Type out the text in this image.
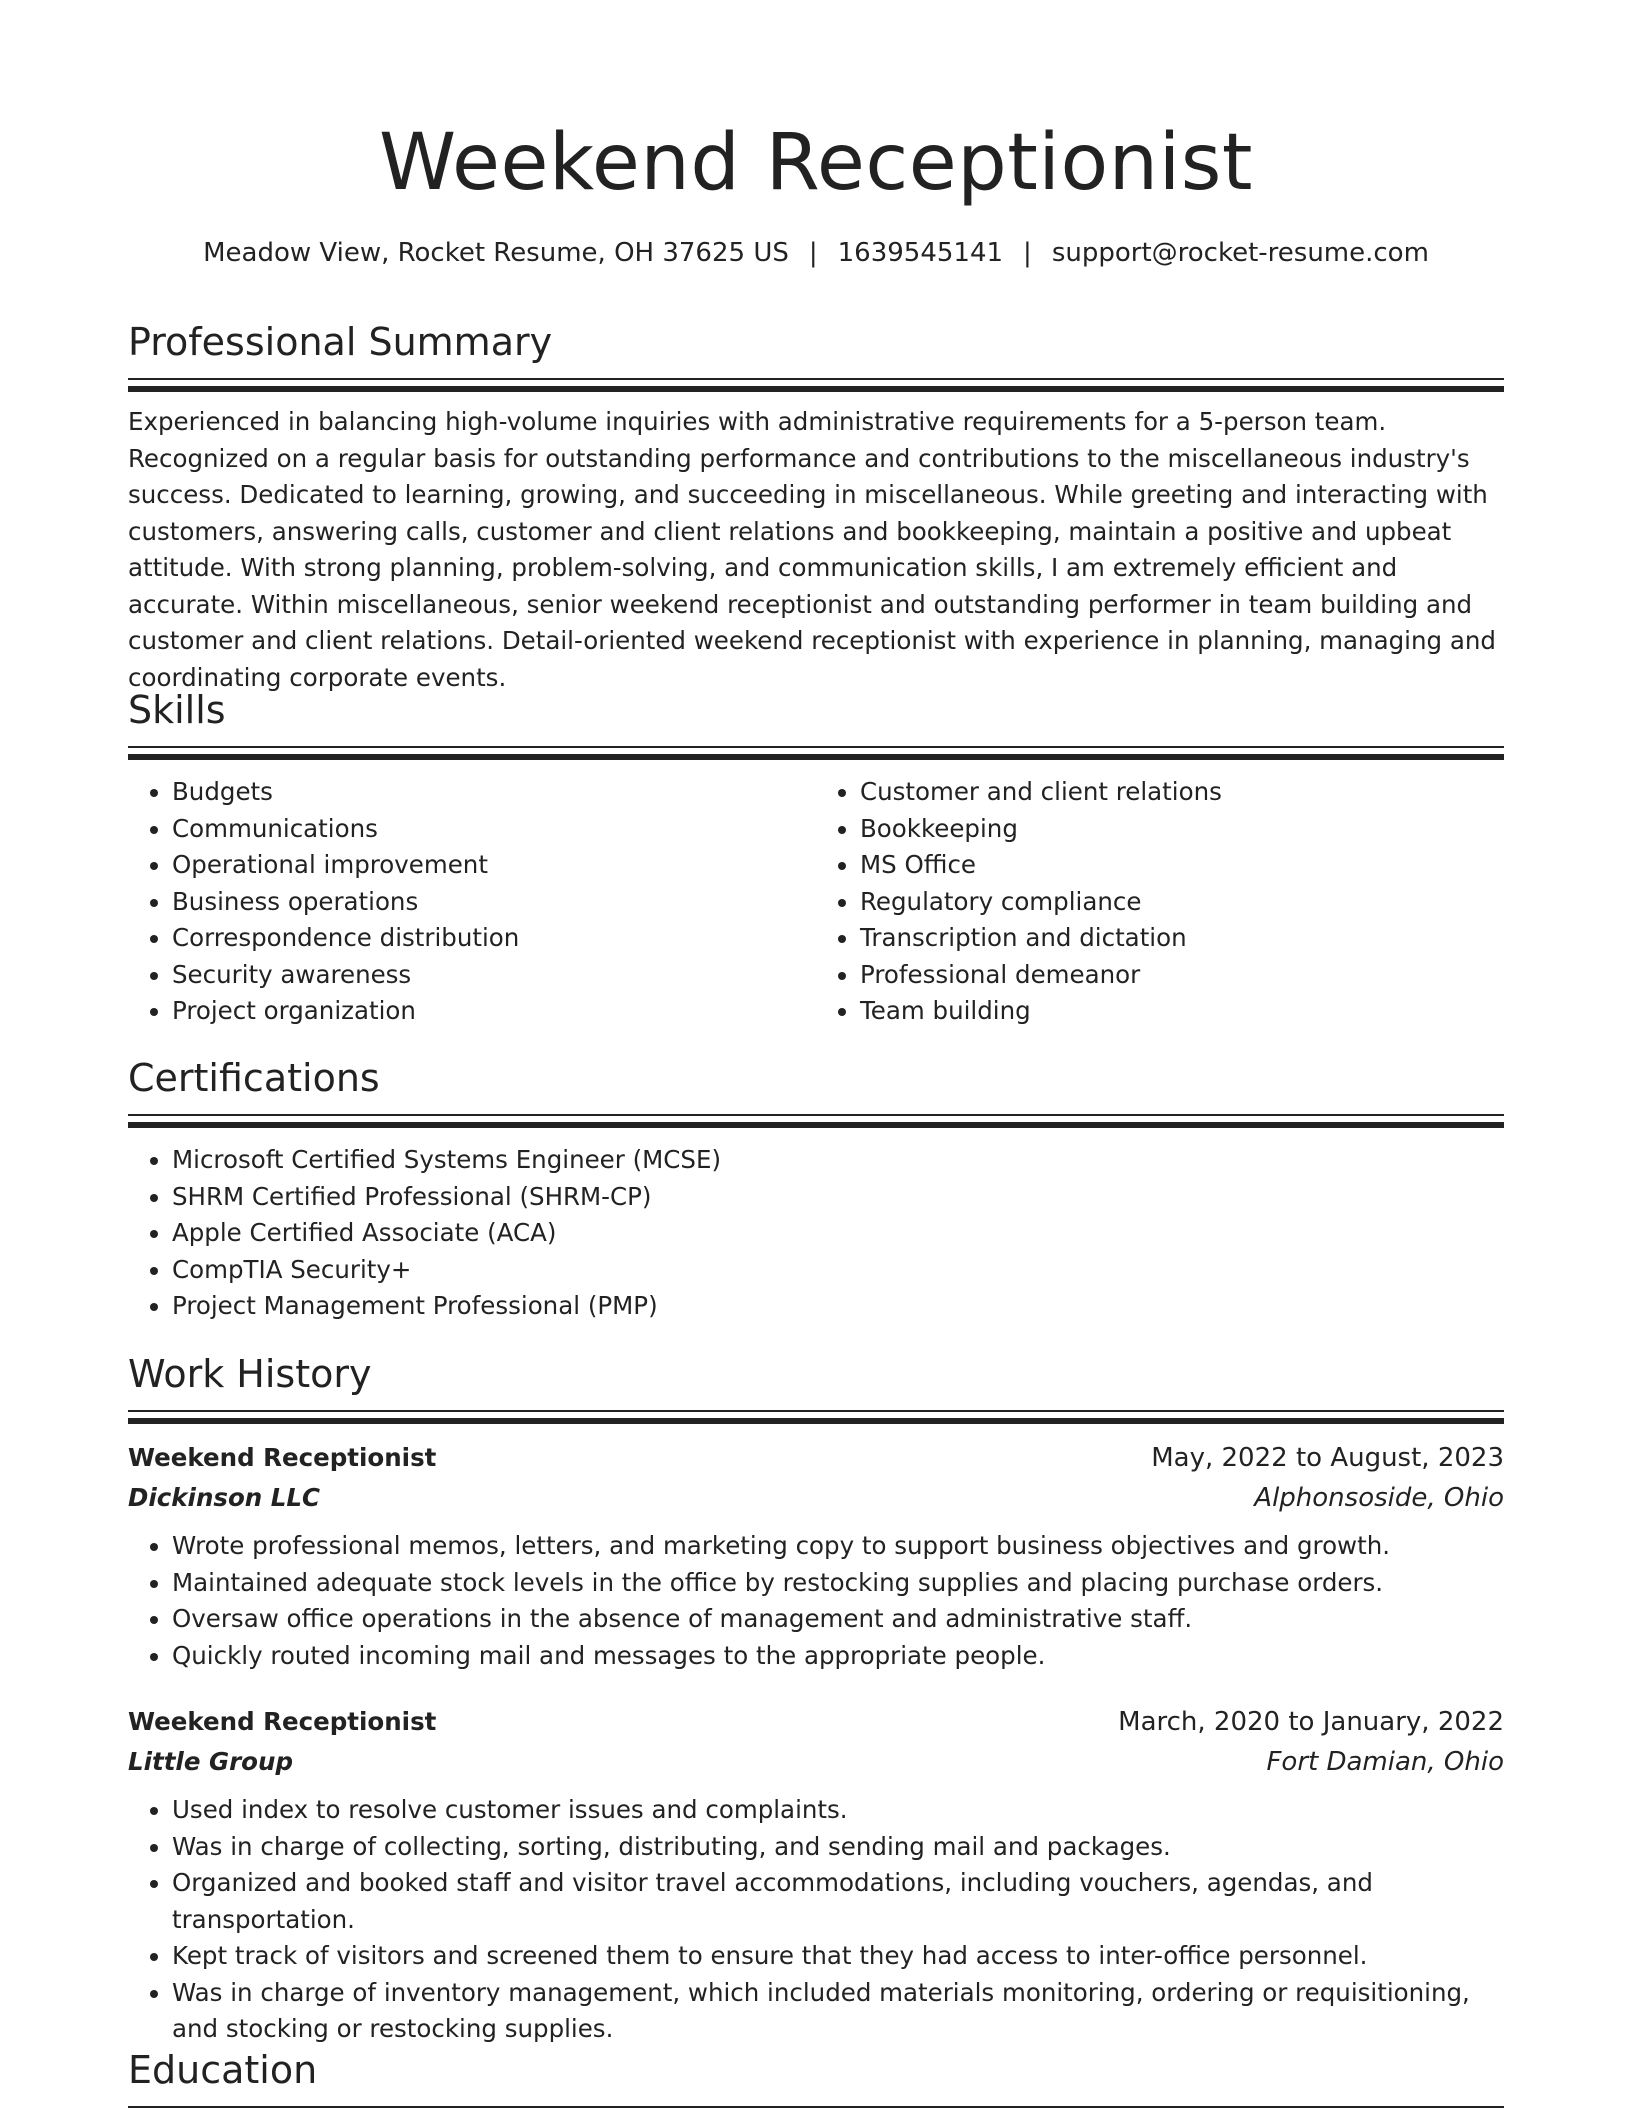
Weekend Receptionist
Meadow View, Rocket Resume, OH 37625 US | 1639545141 | support@rocket-resume.com
Professional Summary

Experienced in balancing high-volume inquiries with administrative requirements for a 5-person team. Recognized on a regular basis for outstanding performance and contributions to the miscellaneous industry's success. Dedicated to learning, growing, and succeeding in miscellaneous. While greeting and interacting with customers, answering calls, customer and client relations and bookkeeping, maintain a positive and upbeat attitude. With strong planning, problem-solving, and communication skills, I am extremely efficient and accurate. Within miscellaneous, senior weekend receptionist and outstanding performer in team building and customer and client relations. Detail-oriented weekend receptionist with experience in planning, managing and coordinating corporate events.

Skills
• Budgets
• Communications
• Operational improvement
• Business operations
• Correspondence distribution
• Security awareness
• Project organization
• Customer and client relations
• Bookkeeping
• MS Office
• Regulatory compliance
• Transcription and dictation
• Professional demeanor
• Team building
Certifications
• Microsoft Certified Systems Engineer (MCSE)
• SHRM Certified Professional (SHRM-CP)
• Apple Certified Associate (ACA)
• CompTIA Security+
• Project Management Professional (PMP)
Work History
Weekend Receptionist	May, 2022 to August, 2023
Dickinson LLC	Alphonsoside, Ohio
• Wrote professional memos, letters, and marketing copy to support business objectives and growth.
• Maintained adequate stock levels in the office by restocking supplies and placing purchase orders.
• Oversaw office operations in the absence of management and administrative staff.
• Quickly routed incoming mail and messages to the appropriate people.
Weekend Receptionist	March, 2020 to January, 2022
Little Group	Fort Damian, Ohio
• Used index to resolve customer issues and complaints.
• Was in charge of collecting, sorting, distributing, and sending mail and packages.
• Organized and booked staff and visitor travel accommodations, including vouchers, agendas, and transportation.
• Kept track of visitors and screened them to ensure that they had access to inter-office personnel.
• Was in charge of inventory management, which included materials monitoring, ordering or requisitioning, and stocking or restocking supplies.
Education
